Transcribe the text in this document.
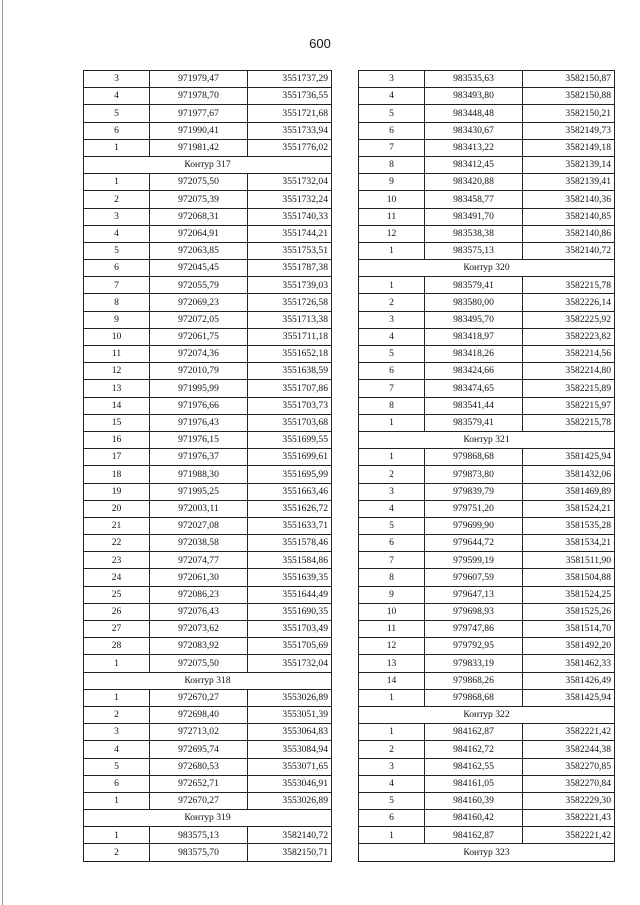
600
3	971979,47	3551737,29
4	971978,70	3551736,55
5	971977,67	3551721,68
6	971990,41	3551733,94
1	971981,42	3551776,02
Контур 317		
1	972075,50	3551732,04
2	972075,39	3551732,24
3	972068,31	3551740,33
4	972064,91	3551744,21
5	972063,85	3551753,51
6	972045,45	3551787,38
7	972055,79	3551739,03
8	972069,23	3551726,58
9	972072,05	3551713,38
10	972061,75	3551711,18
11	972074,36	3551652,18
12	972010,79	3551638,59
13	971995,99	3551707,86
14	971976,66	3551703,73
15	971976,43	3551703,68
16	971976,15	3551699,55
17	971976,37	3551699,61
18	971988,30	3551695,99
19	971995,25	3551663,46
20	972003,11	3551626,72
21	972027,08	3551633,71
22	972038,58	3551578,46
23	972074,77	3551584,86
24	972061,30	3551639,35
25	972086,23	3551644,49
26	972076,43	3551690,35
27	972073,62	3551703,49
28	972083,92	3551705,69
1	972075,50	3551732,04
Контур 318		
1	972670,27	3553026,89
2	972698,40	3553051,39
3	972713,02	3553064,83
4	972695,74	3553084,94
5	972680,53	3553071,65
6	972652,71	3553046,91
1	972670,27	3553026,89
Контур 319		
1	983575,13	3582140,72
2	983575,70	3582150,71
3	983535,63	3582150,87
4	983493,80	3582150,88
5	983448,48	3582150,21
6	983430,67	3582149,73
7	983413,22	3582149,18
8	983412,45	3582139,14
9	983420,88	3582139,41
10	983458,77	3582140,36
11	983491,70	3582140,85
12	983538,38	3582140,86
1	983575,13	3582140,72
Контур 320		
1	983579,41	3582215,78
2	983580,00	3582226,14
3	983495,70	3582225,92
4	983418,97	3582223,82
5	983418,26	3582214,56
6	983424,66	3582214,80
7	983474,65	3582215,89
8	983541,44	3582215,97
1	983579,41	3582215,78
Контур 321		
1	979868,68	3581425,94
2	979873,80	3581432,06
3	979839,79	3581469,89
4	979751,20	3581524,21
5	979699,90	3581535,28
6	979644,72	3581534,21
7	979599,19	3581511,90
8	979607,59	3581504,88
9	979647,13	3581524,25
10	979698,93	3581525,26
11	979747,86	3581514,70
12	979792,95	3581492,20
13	979833,19	3581462,33
14	979868,26	3581426,49
1	979868,68	3581425,94
Контур 322		
1	984162,87	3582221,42
2	984162,72	3582244,38
3	984162,55	3582270,85
4	984161,05	3582270,84
5	984160,39	3582229,30
6	984160,42	3582221,43
1	984162,87	3582221,42
Контур 323		
